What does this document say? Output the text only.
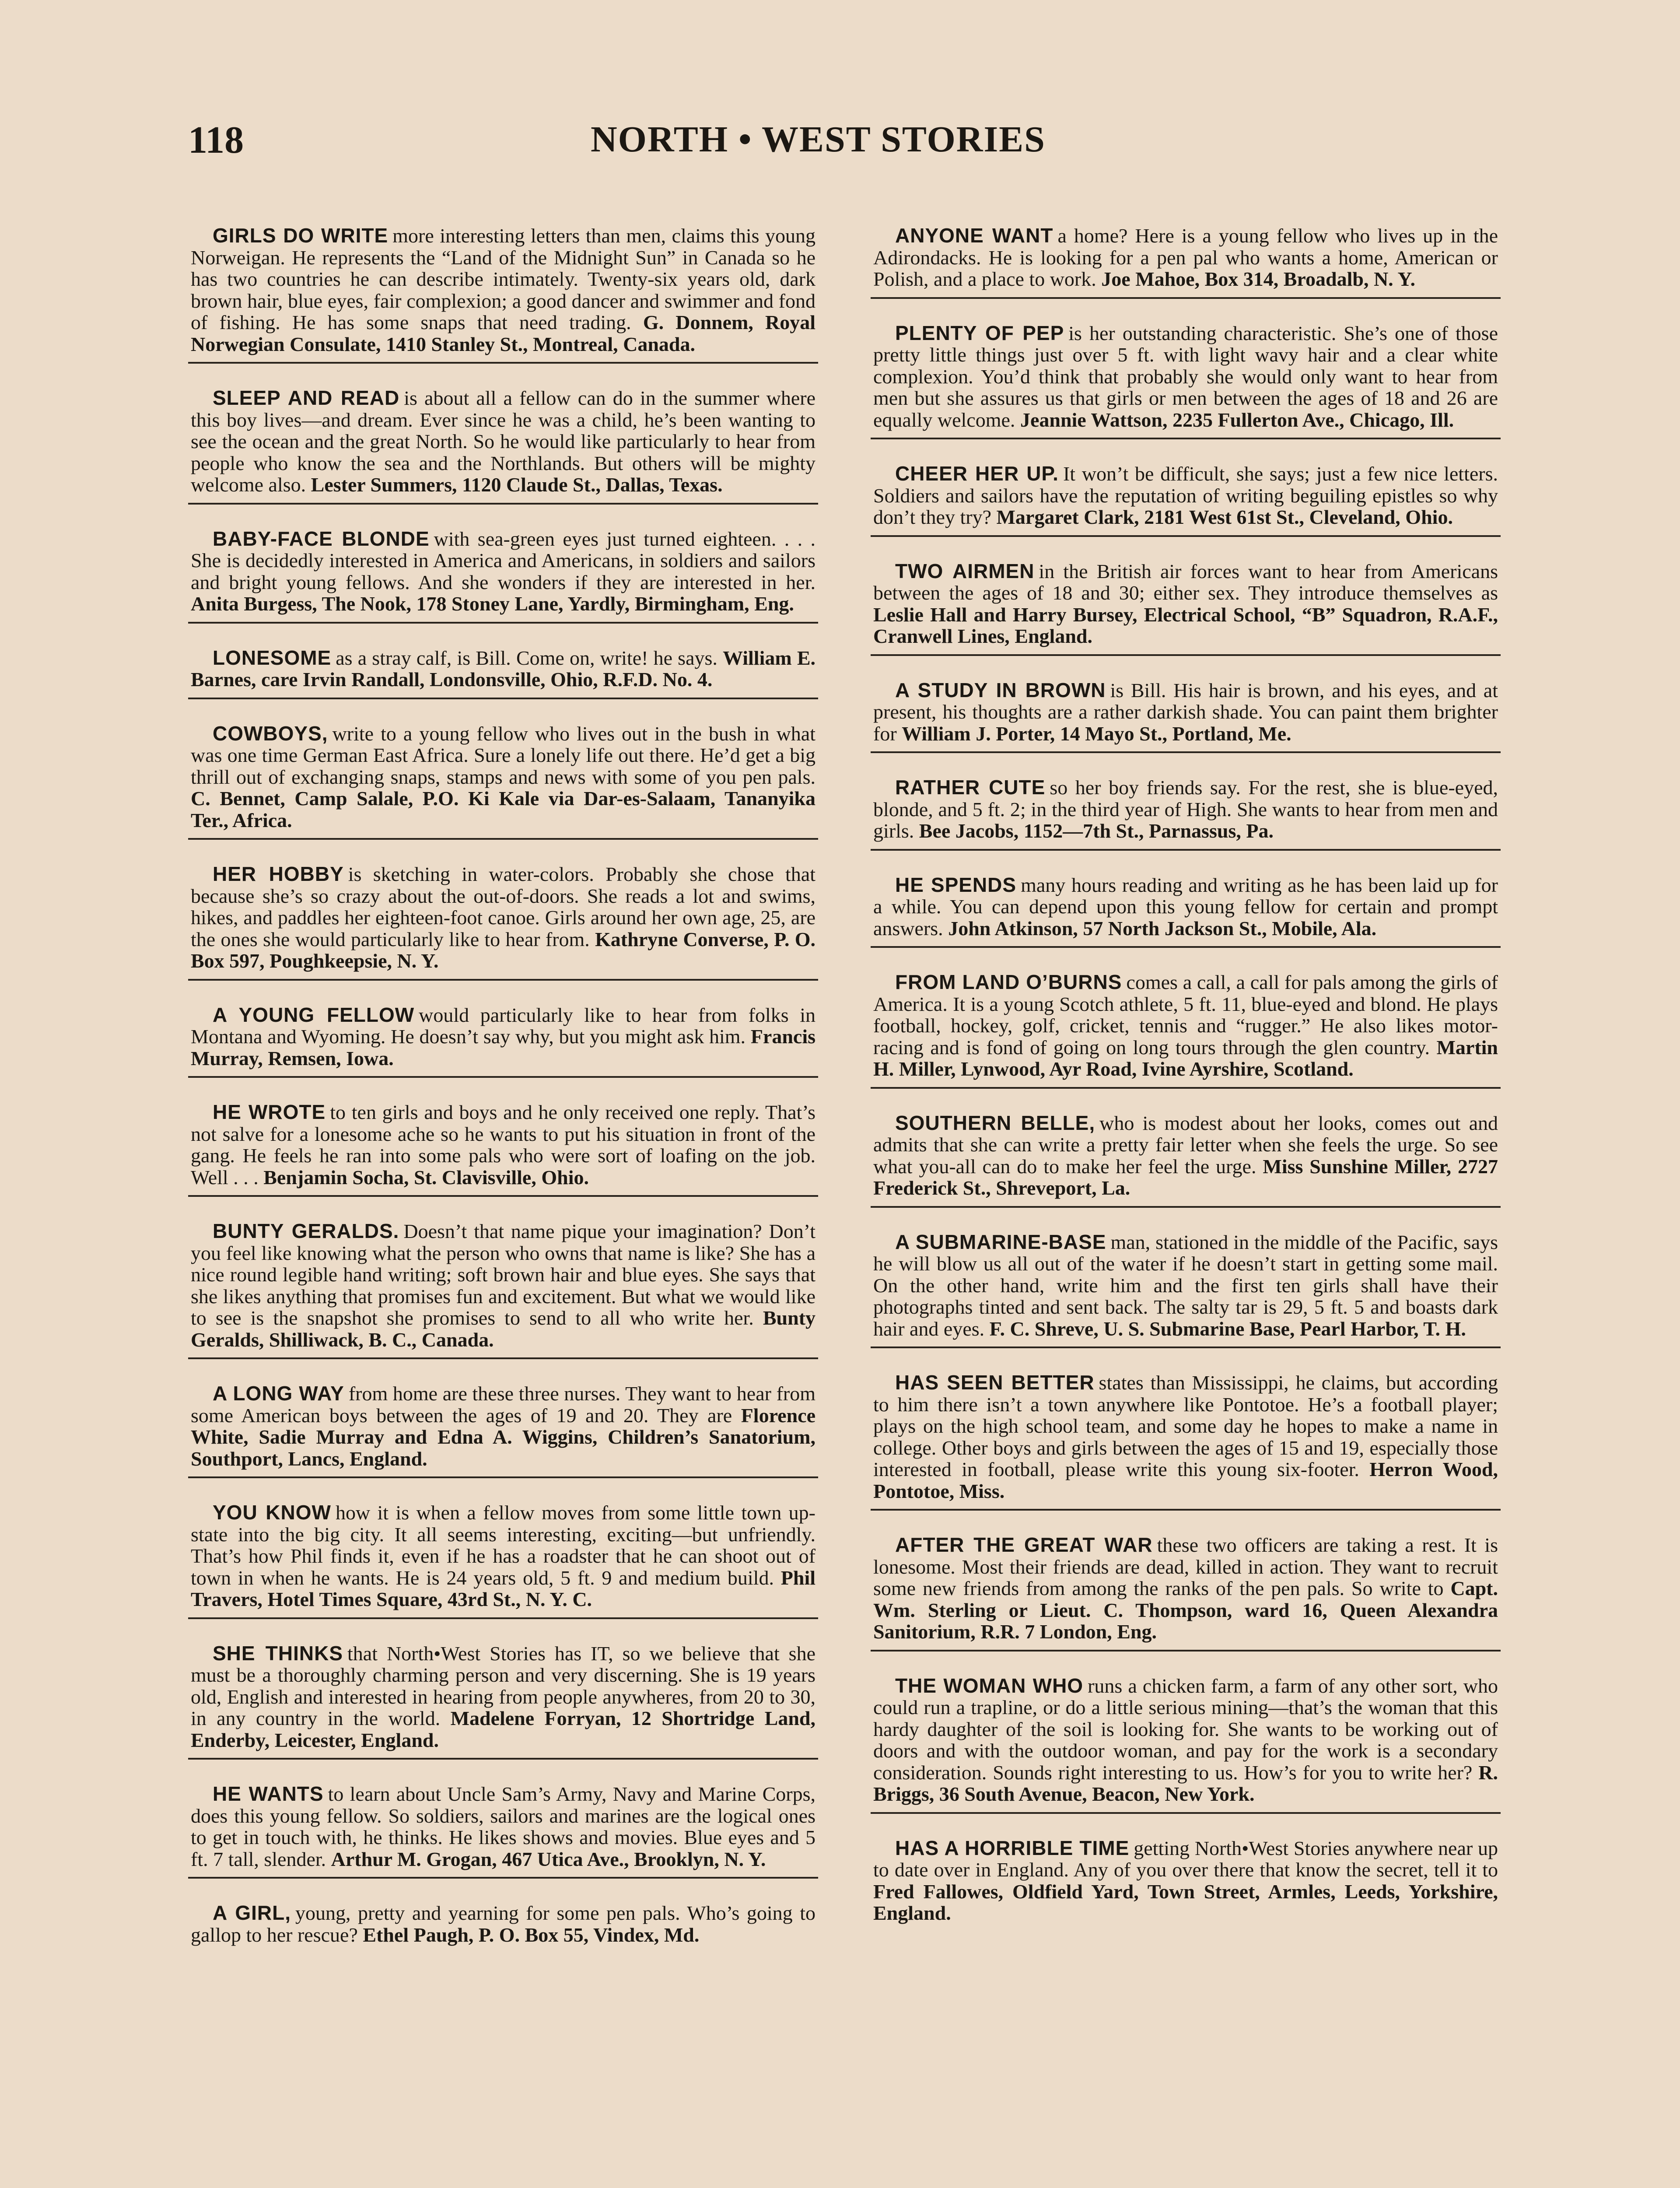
118	NORTH • WEST STORIES

GIRLS DO WRITE more interesting letters than men, claims this young Norweigan. He represents the “Land of the Midnight Sun” in Canada so he has two countries he can describe intimately. Twenty-six years old, dark brown hair, blue eyes, fair complexion; a good dancer and swimmer and fond of fishing. He has some snaps that need trading. G. Donnem, Royal Norwegian Consulate, 1410 Stanley St., Montreal, Canada.

SLEEP AND READ is about all a fellow can do in the summer where this boy lives—and dream. Ever since he was a child, he’s been wanting to see the ocean and the great North. So he would like particularly to hear from people who know the sea and the Northlands. But others will be mighty welcome also. Lester Summers, 1120 Claude St., Dallas, Texas.

BABY-FACE BLONDE with sea-green eyes just turned eighteen. . . . She is decidedly interested in America and Americans, in soldiers and sailors and bright young fellows. And she wonders if they are interested in her. Anita Burgess, The Nook, 178 Stoney Lane, Yardly, Birmingham, Eng.

LONESOME as a stray calf, is Bill. Come on, write! he says. William E. Barnes, care Irvin Randall, Londonsville, Ohio, R.F.D. No. 4.

COWBOYS, write to a young fellow who lives out in the bush in what was one time German East Africa. Sure a lonely life out there. He’d get a big thrill out of exchanging snaps, stamps and news with some of you pen pals. C. Bennet, Camp Salale, P.O. Ki Kale via Dar-es-Salaam, Tananyika Ter., Africa.

HER HOBBY is sketching in water-colors. Probably she chose that because she’s so crazy about the out-of-doors. She reads a lot and swims, hikes, and paddles her eighteen-foot canoe. Girls around her own age, 25, are the ones she would particularly like to hear from. Kathryne Converse, P. O. Box 597, Poughkeepsie, N. Y.

A YOUNG FELLOW would particularly like to hear from folks in Montana and Wyoming. He doesn’t say why, but you might ask him. Francis Murray, Remsen, Iowa.

HE WROTE to ten girls and boys and he only received one reply. That’s not salve for a lonesome ache so he wants to put his situation in front of the gang. He feels he ran into some pals who were sort of loafing on the job. Well . . . Benjamin Socha, St. Clavisville, Ohio.

BUNTY GERALDS. Doesn’t that name pique your imagination? Don’t you feel like knowing what the person who owns that name is like? She has a nice round legible hand writing; soft brown hair and blue eyes. She says that she likes anything that promises fun and excitement. But what we would like to see is the snapshot she promises to send to all who write her. Bunty Geralds, Shilliwack, B. C., Canada.

A LONG WAY from home are these three nurses. They want to hear from some American boys between the ages of 19 and 20. They are Florence White, Sadie Murray and Edna A. Wiggins, Children’s Sanatorium, Southport, Lancs, England.

YOU KNOW how it is when a fellow moves from some little town up-state into the big city. It all seems interesting, exciting—but unfriendly. That’s how Phil finds it, even if he has a roadster that he can shoot out of town in when he wants. He is 24 years old, 5 ft. 9 and medium build. Phil Travers, Hotel Times Square, 43rd St., N. Y. C.

SHE THINKS that North•West Stories has IT, so we believe that she must be a thoroughly charming person and very discerning. She is 19 years old, English and interested in hearing from people anywheres, from 20 to 30, in any country in the world. Madelene Forryan, 12 Shortridge Land, Enderby, Leicester, England.

HE WANTS to learn about Uncle Sam’s Army, Navy and Marine Corps, does this young fellow. So soldiers, sailors and marines are the logical ones to get in touch with, he thinks. He likes shows and movies. Blue eyes and 5 ft. 7 tall, slender. Arthur M. Grogan, 467 Utica Ave., Brooklyn, N. Y.

A GIRL, young, pretty and yearning for some pen pals. Who’s going to gallop to her rescue? Ethel Paugh, P. O. Box 55, Vindex, Md.

ANYONE WANT a home? Here is a young fellow who lives up in the Adirondacks. He is looking for a pen pal who wants a home, American or Polish, and a place to work. Joe Mahoe, Box 314, Broadalb, N. Y.

PLENTY OF PEP is her outstanding characteristic. She’s one of those pretty little things just over 5 ft. with light wavy hair and a clear white complexion. You’d think that probably she would only want to hear from men but she assures us that girls or men between the ages of 18 and 26 are equally welcome. Jeannie Wattson, 2235 Fullerton Ave., Chicago, Ill.

CHEER HER UP. It won’t be difficult, she says; just a few nice letters. Soldiers and sailors have the reputation of writing beguiling epistles so why don’t they try? Margaret Clark, 2181 West 61st St., Cleveland, Ohio.

TWO AIRMEN in the British air forces want to hear from Americans between the ages of 18 and 30; either sex. They introduce themselves as Leslie Hall and Harry Bursey, Electrical School, “B” Squadron, R.A.F., Cranwell Lines, England.

A STUDY IN BROWN is Bill. His hair is brown, and his eyes, and at present, his thoughts are a rather darkish shade. You can paint them brighter for William J. Porter, 14 Mayo St., Portland, Me.

RATHER CUTE so her boy friends say. For the rest, she is blue-eyed, blonde, and 5 ft. 2; in the third year of High. She wants to hear from men and girls. Bee Jacobs, 1152—7th St., Parnassus, Pa.

HE SPENDS many hours reading and writing as he has been laid up for a while. You can depend upon this young fellow for certain and prompt answers. John Atkinson, 57 North Jackson St., Mobile, Ala.

FROM LAND O’BURNS comes a call, a call for pals among the girls of America. It is a young Scotch athlete, 5 ft. 11, blue-eyed and blond. He plays football, hockey, golf, cricket, tennis and “rugger.” He also likes motor-racing and is fond of going on long tours through the glen country. Martin H. Miller, Lynwood, Ayr Road, Ivine Ayrshire, Scotland.

SOUTHERN BELLE, who is modest about her looks, comes out and admits that she can write a pretty fair letter when she feels the urge. So see what you-all can do to make her feel the urge. Miss Sunshine Miller, 2727 Frederick St., Shreveport, La.

A SUBMARINE-BASE man, stationed in the middle of the Pacific, says he will blow us all out of the water if he doesn’t start in getting some mail. On the other hand, write him and the first ten girls shall have their photographs tinted and sent back. The salty tar is 29, 5 ft. 5 and boasts dark hair and eyes. F. C. Shreve, U. S. Submarine Base, Pearl Harbor, T. H.

HAS SEEN BETTER states than Mississippi, he claims, but according to him there isn’t a town anywhere like Pontotoe. He’s a football player; plays on the high school team, and some day he hopes to make a name in college. Other boys and girls between the ages of 15 and 19, especially those interested in football, please write this young six-footer. Herron Wood, Pontotoe, Miss.

AFTER THE GREAT WAR these two officers are taking a rest. It is lonesome. Most their friends are dead, killed in action. They want to recruit some new friends from among the ranks of the pen pals. So write to Capt. Wm. Sterling or Lieut. C. Thompson, ward 16, Queen Alexandra Sanitorium, R.R. 7 London, Eng.

THE WOMAN WHO runs a chicken farm, a farm of any other sort, who could run a trapline, or do a little serious mining—that’s the woman that this hardy daughter of the soil is looking for. She wants to be working out of doors and with the outdoor woman, and pay for the work is a secondary consideration. Sounds right interesting to us. How’s for you to write her? R. Briggs, 36 South Avenue, Beacon, New York.

HAS A HORRIBLE TIME getting North•West Stories anywhere near up to date over in England. Any of you over there that know the secret, tell it to Fred Fallowes, Oldfield Yard, Town Street, Armles, Leeds, Yorkshire, England.
